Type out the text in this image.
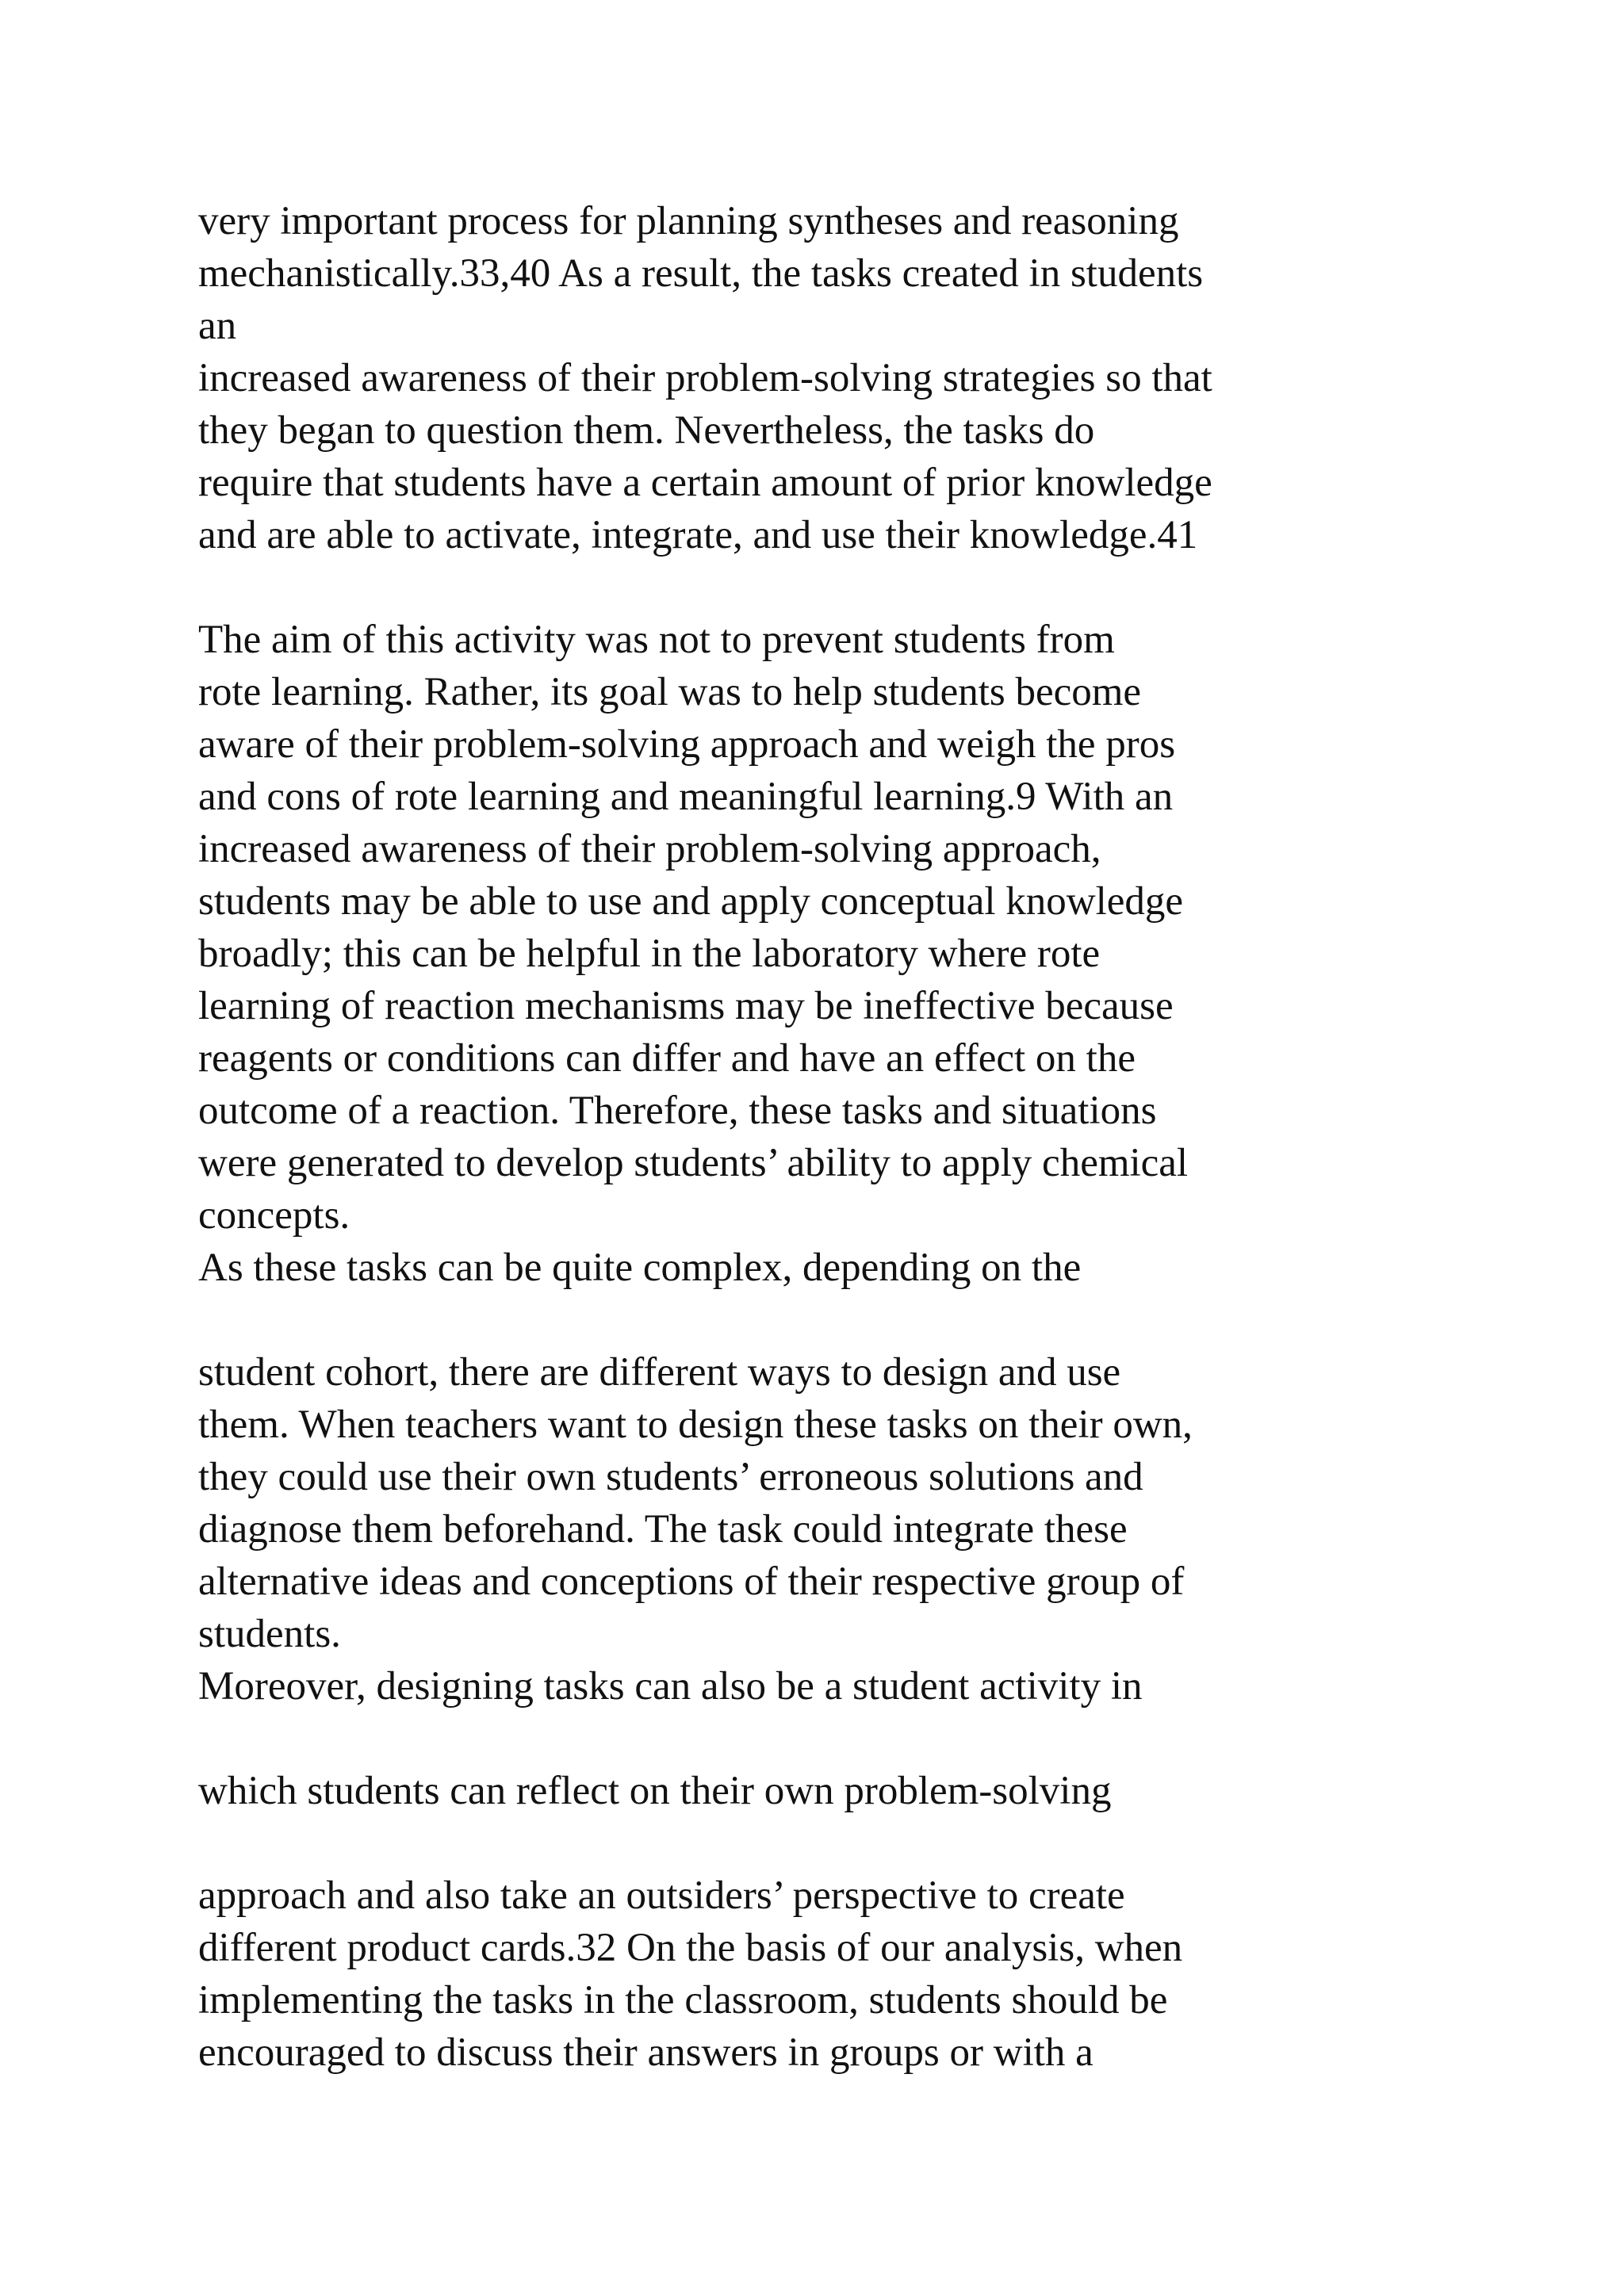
very important process for planning syntheses and reasoning
mechanistically.33,40 As a result, the tasks created in students
an
increased awareness of their problem-solving strategies so that
they began to question them. Nevertheless, the tasks do
require that students have a certain amount of prior knowledge
and are able to activate, integrate, and use their knowledge.41
The aim of this activity was not to prevent students from
rote learning. Rather, its goal was to help students become
aware of their problem-solving approach and weigh the pros
and cons of rote learning and meaningful learning.9 With an
increased awareness of their problem-solving approach,
students may be able to use and apply conceptual knowledge
broadly; this can be helpful in the laboratory where rote
learning of reaction mechanisms may be ineffective because
reagents or conditions can differ and have an effect on the
outcome of a reaction. Therefore, these tasks and situations
were generated to develop students’ ability to apply chemical
concepts.
As these tasks can be quite complex, depending on the
student cohort, there are different ways to design and use
them. When teachers want to design these tasks on their own,
they could use their own students’ erroneous solutions and
diagnose them beforehand. The task could integrate these
alternative ideas and conceptions of their respective group of
students.
Moreover, designing tasks can also be a student activity in
which students can reflect on their own problem-solving
approach and also take an outsiders’ perspective to create
different product cards.32 On the basis of our analysis, when
implementing the tasks in the classroom, students should be
encouraged to discuss their answers in groups or with a
